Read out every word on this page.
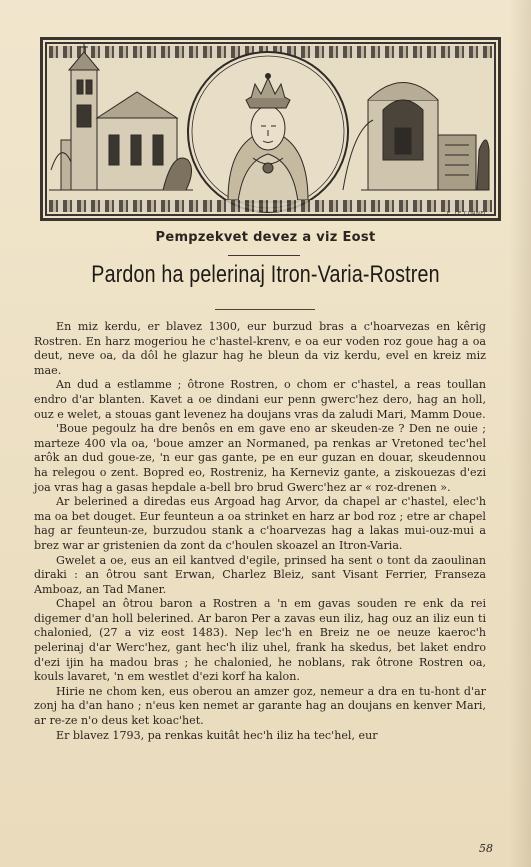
E. LE CORNEC
Pempzekvet devez a viz Eost
Pardon ha pelerinaj Itron-Varia-Rostren

En miz kerdu, er blavez 1300, eur burzud bras a c'hoarvezas en kêrig Rostren. En harz mogeriou he c'hastel-krenv, e oa eur voden roz goue hag a oa deut, neve oa, da dôl he glazur hag he bleun da viz kerdu, evel en kreiz miz mae.

An dud a estlamme ; ôtrone Rostren, o chom er c'hastel, a reas toullan endro d'ar blanten. Kavet a oe dindani eur penn gwerc'hez dero, hag an holl, ouz e welet, a stouas gant levenez ha doujans vras da zaludi Mari, Mamm Doue.

'Boue pegoulz ha dre benôs en em gave eno ar skeuden-ze ? Den ne ouie ; marteze 400 vla oa, 'boue amzer an Normaned, pa renkas ar Vretoned tec'hel arôk an dud goue-ze, 'n eur gas gante, pe en eur guzan en douar, skeudennou ha relegou o zent. Bopred eo, Rostreniz, ha Kerneviz gante, a ziskouezas d'ezi joa vras hag a gasas hepdale a-bell bro brud Gwerc'hez ar « roz-drenen ».

Ar belerined a diredas eus Argoad hag Arvor, da chapel ar c'hastel, elec'h ma oa bet douget. Eur feunteun a oa strinket en harz ar bod roz ; etre ar chapel hag ar feunteun-ze, burzudou stank a c'hoarvezas hag a lakas mui-ouz-mui a brez war ar gristenien da zont da c'houlen skoazel an Itron-Varia.

Gwelet a oe, eus an eil kantved d'egile, prinsed ha sent o tont da zaoulinan diraki : an ôtrou sant Erwan, Charlez Bleiz, sant Visant Ferrier, Franseza Amboaz, an Tad Maner.

Chapel an ôtrou baron a Rostren a 'n em gavas souden re enk da rei digemer d'an holl belerined. Ar baron Per a zavas eun iliz, hag ouz an iliz eun ti chalonied, (27 a viz eost 1483). Nep lec'h en Breiz ne oe neuze kaeroc'h pelerinaj d'ar Werc'hez, gant hec'h iliz uhel, frank ha skedus, bet laket endro d'ezi ijin ha madou bras ; he chalonied, he noblans, rak ôtrone Rostren oa, kouls lavaret, 'n em westlet d'ezi korf ha kalon.

Hirie ne chom ken, eus oberou an amzer goz, nemeur a dra en tu-hont d'ar zonj ha d'an hano ; n'eus ken nemet ar garante hag an doujans en kenver Mari, ar re-ze n'o deus ket koac'het.

Er blavez 1793, pa renkas kuitât hec'h iliz ha tec'hel, eur

58
